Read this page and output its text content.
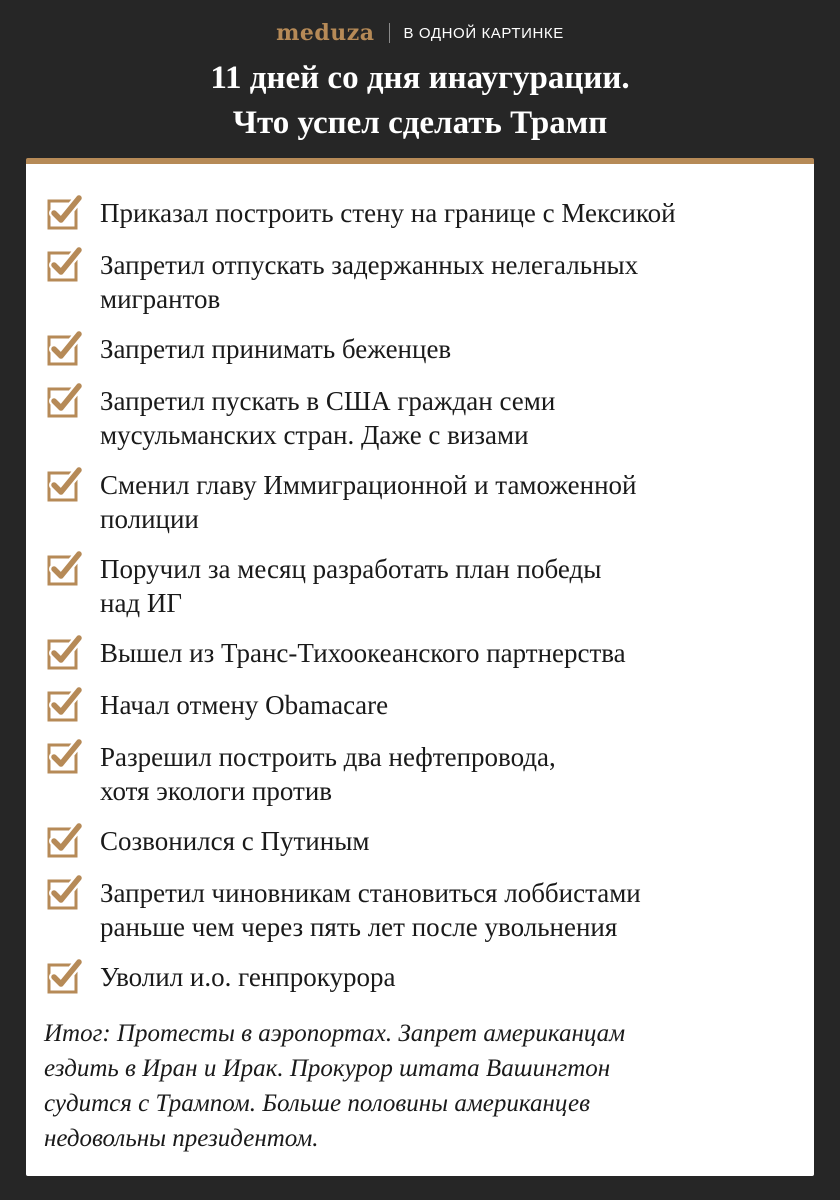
meduza В ОДНОЙ КАРТИНКЕ
11 дней со дня инаугурации.
Что успел сделать Трамп
Приказал построить стену на границе с Мексикой
Запретил отпускать задержанных нелегальных
мигрантов
Запретил принимать беженцев
Запретил пускать в США граждан семи
мусульманских стран. Даже с визами
Сменил главу Иммиграционной и таможенной
полиции
Поручил за месяц разработать план победы
над ИГ
Вышел из Транс-Тихоокеанского партнерства
Начал отмену Obamacare
Разрешил построить два нефтепровода,
хотя экологи против
Созвонился с Путиным
Запретил чиновникам становиться лоббистами
раньше чем через пять лет после увольнения
Уволил и.о. генпрокурора
Итог: Протесты в аэропортах. Запрет американцам
ездить в Иран и Ирак. Прокурор штата Вашингтон
судится с Трампом. Больше половины американцев
недовольны президентом.
